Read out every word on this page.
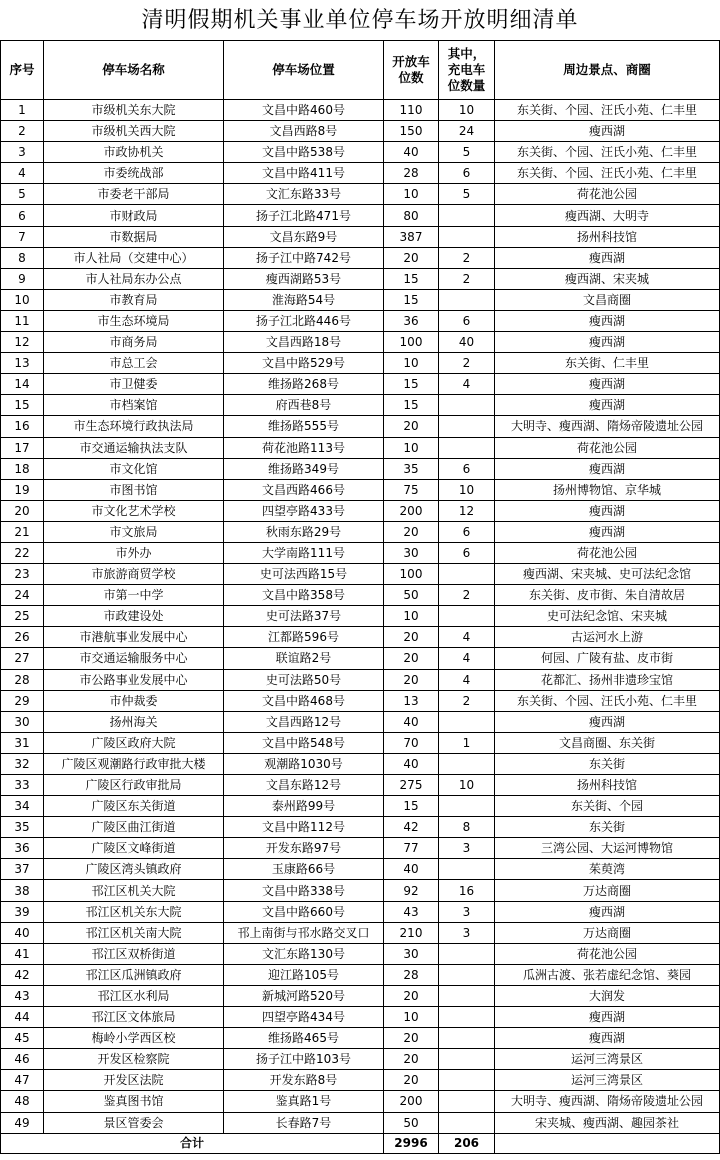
清明假期机关事业单位停车场开放明细清单
序号	停车场名称	停车场位置	开放车位数	其中，充电车位数量	周边景点、商圈
1	市级机关东大院	文昌中路460号	110	10	东关街、个园、汪氏小苑、仁丰里
2	市级机关西大院	文昌西路8号	150	24	瘦西湖
3	市政协机关	文昌中路538号	40	5	东关街、个园、汪氏小苑、仁丰里
4	市委统战部	文昌中路411号	28	6	东关街、个园、汪氏小苑、仁丰里
5	市委老干部局	文汇东路33号	10	5	荷花池公园
6	市财政局	扬子江北路471号	80		瘦西湖、大明寺
7	市数据局	文昌东路9号	387		扬州科技馆
8	市人社局（交建中心）	扬子江中路742号	20	2	瘦西湖
9	市人社局东办公点	瘦西湖路53号	15	2	瘦西湖、宋夹城
10	市教育局	淮海路54号	15		文昌商圈
11	市生态环境局	扬子江北路446号	36	6	瘦西湖
12	市商务局	文昌西路18号	100	40	瘦西湖
13	市总工会	文昌中路529号	10	2	东关街、仁丰里
14	市卫健委	维扬路268号	15	4	瘦西湖
15	市档案馆	府西巷8号	15		瘦西湖
16	市生态环境行政执法局	维扬路555号	20		大明寺、瘦西湖、隋炀帝陵遗址公园
17	市交通运输执法支队	荷花池路113号	10		荷花池公园
18	市文化馆	维扬路349号	35	6	瘦西湖
19	市图书馆	文昌西路466号	75	10	扬州博物馆、京华城
20	市文化艺术学校	四望亭路433号	200	12	瘦西湖
21	市文旅局	秋雨东路29号	20	6	瘦西湖
22	市外办	大学南路111号	30	6	荷花池公园
23	市旅游商贸学校	史可法西路15号	100		瘦西湖、宋夹城、史可法纪念馆
24	市第一中学	文昌中路358号	50	2	东关街、皮市街、朱自清故居
25	市政建设处	史可法路37号	10		史可法纪念馆、宋夹城
26	市港航事业发展中心	江都路596号	20	4	古运河水上游
27	市交通运输服务中心	联谊路2号	20	4	何园、广陵有盐、皮市街
28	市公路事业发展中心	史可法路50号	20	4	花都汇、扬州非遗珍宝馆
29	市仲裁委	文昌中路468号	13	2	东关街、个园、汪氏小苑、仁丰里
30	扬州海关	文昌西路12号	40		瘦西湖
31	广陵区政府大院	文昌中路548号	70	1	文昌商圈、东关街
32	广陵区观潮路行政审批大楼	观潮路1030号	40		东关街
33	广陵区行政审批局	文昌东路12号	275	10	扬州科技馆
34	广陵区东关街道	泰州路99号	15		东关街、个园
35	广陵区曲江街道	文昌中路112号	42	8	东关街
36	广陵区文峰街道	开发东路97号	77	3	三湾公园、大运河博物馆
37	广陵区湾头镇政府	玉康路66号	40		茱萸湾
38	邗江区机关大院	文昌中路338号	92	16	万达商圈
39	邗江区机关东大院	文昌中路660号	43	3	瘦西湖
40	邗江区机关南大院	邗上南街与邗水路交叉口	210	3	万达商圈
41	邗江区双桥街道	文汇东路130号	30		荷花池公园
42	邗江区瓜洲镇政府	迎江路105号	28		瓜洲古渡、张若虚纪念馆、葵园
43	邗江区水利局	新城河路520号	20		大润发
44	邗江区文体旅局	四望亭路434号	10		瘦西湖
45	梅岭小学西区校	维扬路465号	20		瘦西湖
46	开发区检察院	扬子江中路103号	20		运河三湾景区
47	开发区法院	开发东路8号	20		运河三湾景区
48	鉴真图书馆	鉴真路1号	200		大明寺、瘦西湖、隋炀帝陵遗址公园
49	景区管委会	长春路7号	50		宋夹城、瘦西湖、趣园茶社
合计			2996	206	
